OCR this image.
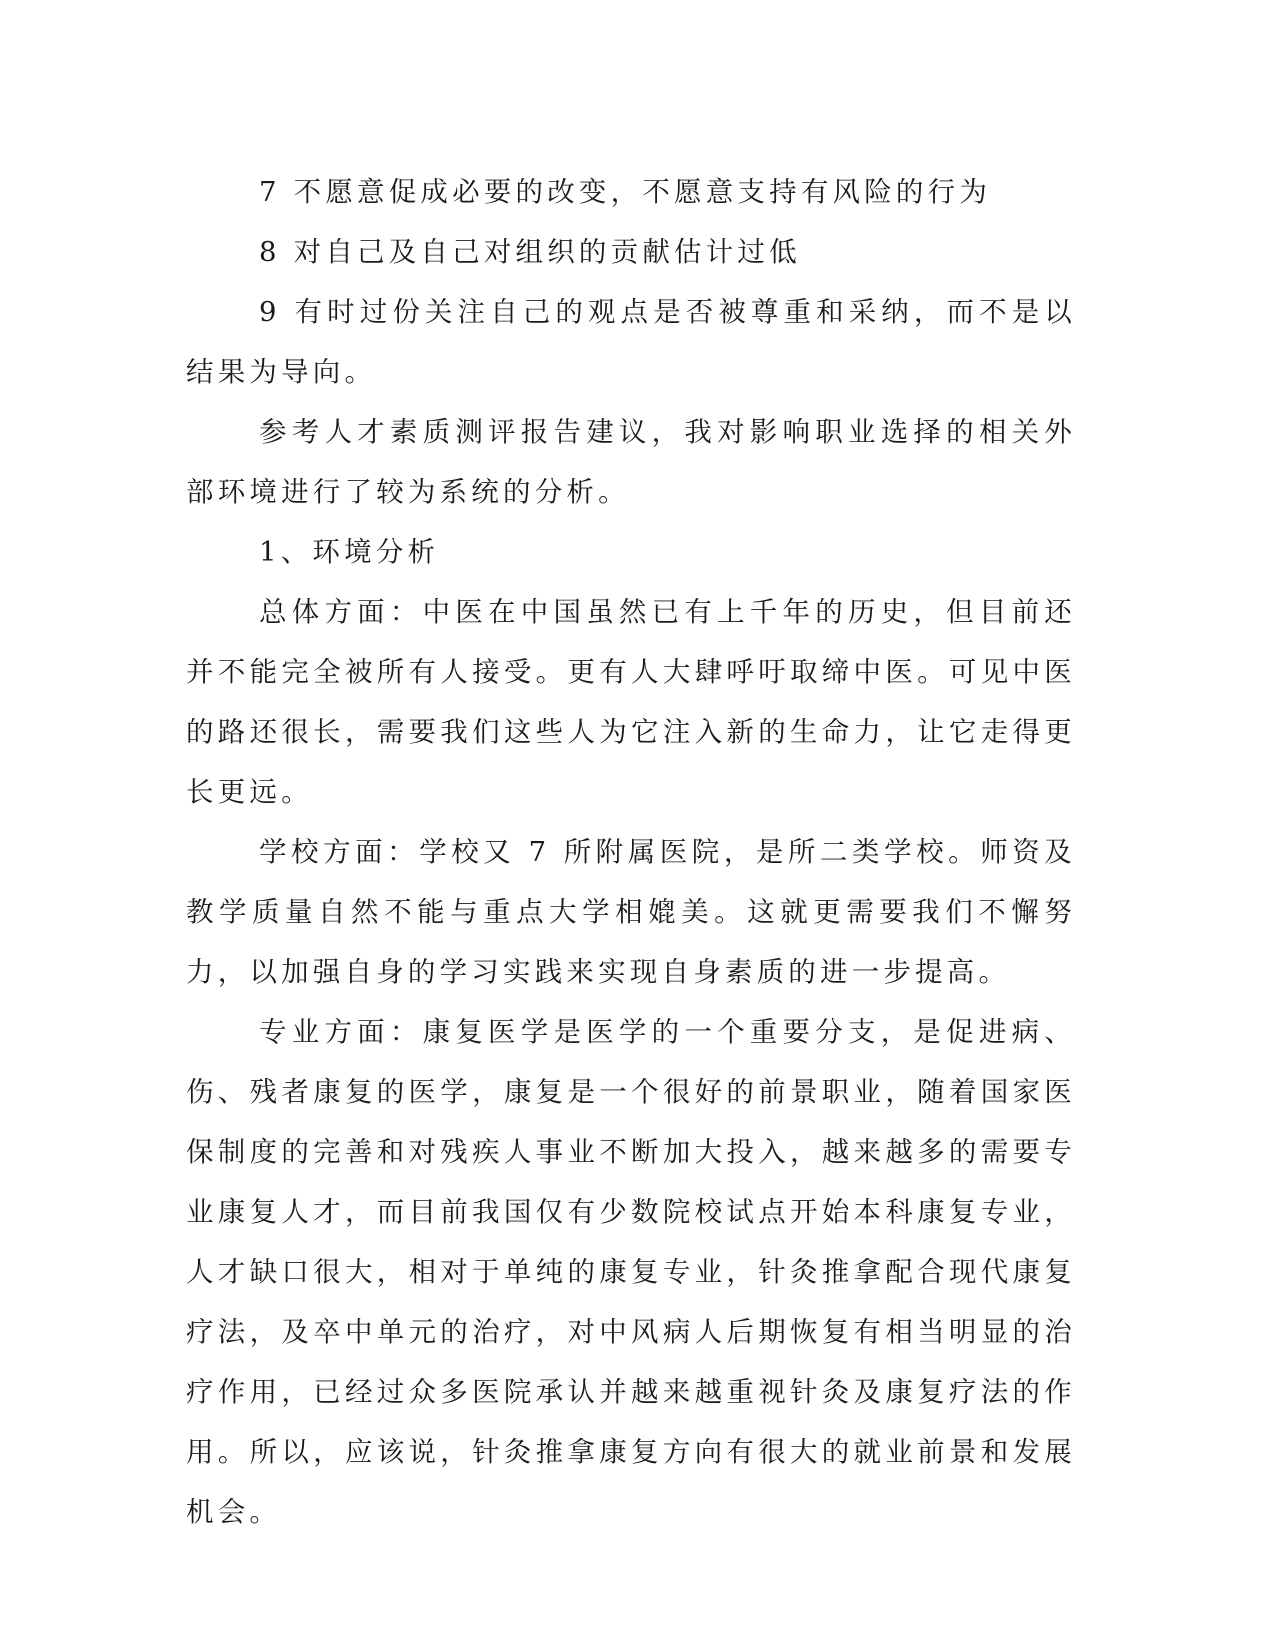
7 不愿意促成必要的改变，不愿意支持有风险的行为

8 对自己及自己对组织的贡献估计过低

9 有时过份关注自己的观点是否被尊重和采纳，而不是以结果为导向。

参考人才素质测评报告建议，我对影响职业选择的相关外部环境进行了较为系统的分析。

1、环境分析

总体方面：中医在中国虽然已有上千年的历史，但目前还并不能完全被所有人接受。更有人大肆呼吁取缔中医。可见中医的路还很长，需要我们这些人为它注入新的生命力，让它走得更长更远。

学校方面：学校又 7 所附属医院，是所二类学校。师资及教学质量自然不能与重点大学相媲美。这就更需要我们不懈努力，以加强自身的学习实践来实现自身素质的进一步提高。

专业方面：康复医学是医学的一个重要分支，是促进病、伤、残者康复的医学，康复是一个很好的前景职业，随着国家医保制度的完善和对残疾人事业不断加大投入，越来越多的需要专业康复人才，而目前我国仅有少数院校试点开始本科康复专业，人才缺口很大，相对于单纯的康复专业，针灸推拿配合现代康复疗法，及卒中单元的治疗，对中风病人后期恢复有相当明显的治疗作用，已经过众多医院承认并越来越重视针灸及康复疗法的作用。所以，应该说，针灸推拿康复方向有很大的就业前景和发展机会。
